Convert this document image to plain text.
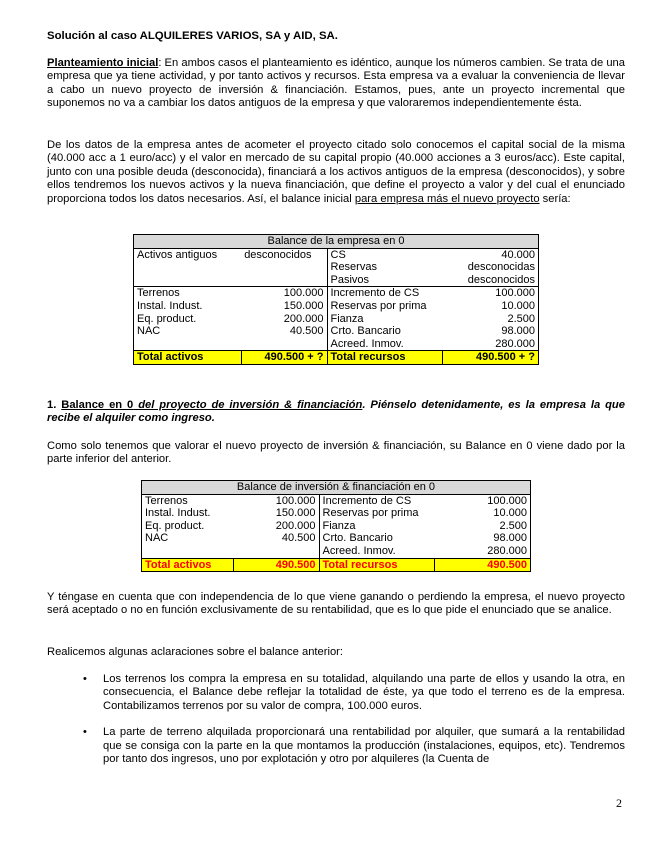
Solución al caso ALQUILERES VARIOS, SA y AID, SA.

Planteamiento inicial: En ambos casos el planteamiento es idéntico, aunque los números cambien. Se trata de una empresa que ya tiene actividad, y por tanto activos y recursos. Esta empresa va a evaluar la conveniencia de llevar a cabo un nuevo proyecto de inversión & financiación. Estamos, pues, ante un proyecto incremental que suponemos no va a cambiar los datos antiguos de la empresa y que valoraremos independientemente ésta.

De los datos de la empresa antes de acometer el proyecto citado solo conocemos el capital social de la misma (40.000 acc a 1 euro/acc) y el valor en mercado de su capital propio (40.000 acciones a 3 euros/acc). Este capital, junto con una posible deuda (desconocida), financiará a los activos antiguos de la empresa (desconocidos), y sobre ellos tendremos los nuevos activos y la nueva financiación, que define el proyecto a valor y del cual el enunciado proporciona todos los datos necesarios. Así, el balance inicial para empresa más el nuevo proyecto sería:

Balance de la empresa en 0			
Activos antiguos	desconocidos	CS	40.000
		Reservas	desconocidas
		Pasivos	desconocidos
Terrenos	100.000	Incremento de CS	100.000
Instal. Indust.	150.000	Reservas por prima	10.000
Eq. product.	200.000	Fianza	2.500
NAC	40.500	Crto. Bancario	98.000
		Acreed. Inmov.	280.000
Total activos	490.500 + ?	Total recursos	490.500 + ?

1. Balance en 0 del proyecto de inversión & financiación. Piénselo detenidamente, es la empresa la que recibe el alquiler como ingreso.

Como solo tenemos que valorar el nuevo proyecto de inversión & financiación, su Balance en 0 viene dado por la parte inferior del anterior.

Balance de inversión & financiación en 0			
Terrenos	100.000	Incremento de CS	100.000
Instal. Indust.	150.000	Reservas por prima	10.000
Eq. product.	200.000	Fianza	2.500
NAC	40.500	Crto. Bancario	98.000
		Acreed. Inmov.	280.000
Total activos	490.500	Total recursos	490.500

Y téngase en cuenta que con independencia de lo que viene ganando o perdiendo la empresa, el nuevo proyecto será aceptado o no en función exclusivamente de su rentabilidad, que es lo que pide el enunciado que se analice.

Realicemos algunas aclaraciones sobre el balance anterior:

• Los terrenos los compra la empresa en su totalidad, alquilando una parte de ellos y usando la otra, en consecuencia, el Balance debe reflejar la totalidad de éste, ya que todo el terreno es de la empresa. Contabilizamos terrenos por su valor de compra, 100.000 euros.
• La parte de terreno alquilada proporcionará una rentabilidad por alquiler, que sumará a la rentabilidad que se consiga con la parte en la que montamos la producción (instalaciones, equipos, etc). Tendremos por tanto dos ingresos, uno por explotación y otro por alquileres (la Cuenta de
2
